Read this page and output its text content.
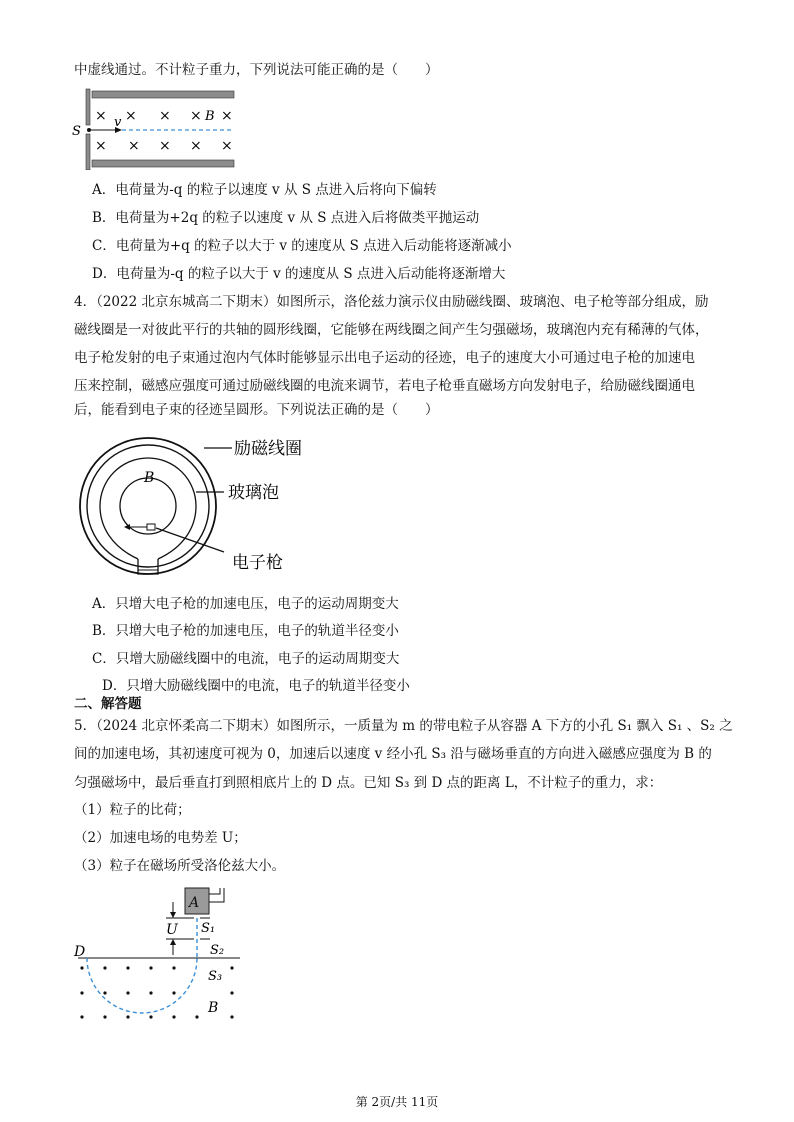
中虚线通过。不计粒子重力，下列说法可能正确的是（　　）
S
v	B
× × × × ×
× × × × ×
A．电荷量为-q 的粒子以速度 v 从 S 点进入后将向下偏转
B．电荷量为+2q 的粒子以速度 v 从 S 点进入后将做类平抛运动
C．电荷量为+q 的粒子以大于 v 的速度从 S 点进入后动能将逐渐减小
D．电荷量为-q 的粒子以大于 v 的速度从 S 点进入后动能将逐渐增大
4．（2022 北京东城高二下期末）如图所示，洛伦兹力演示仪由励磁线圈、玻璃泡、电子枪等部分组成，励
磁线圈是一对彼此平行的共轴的圆形线圈，它能够在两线圈之间产生匀强磁场，玻璃泡内充有稀薄的气体，
电子枪发射的电子束通过泡内气体时能够显示出电子运动的径迹，电子的速度大小可通过电子枪的加速电
压来控制，磁感应强度可通过励磁线圈的电流来调节，若电子枪垂直磁场方向发射电子，给励磁线圈通电
后，能看到电子束的径迹呈圆形。下列说法正确的是（　　）
B
励磁线圈
玻璃泡
电子枪
A．只增大电子枪的加速电压，电子的运动周期变大
B．只增大电子枪的加速电压，电子的轨道半径变小
C．只增大励磁线圈中的电流，电子的运动周期变大
D．只增大励磁线圈中的电流，电子的轨道半径变小
二、解答题
5．（2024 北京怀柔高二下期末）如图所示，一质量为 m 的带电粒子从容器 A 下方的小孔 S₁ 飘入 S₁ 、S₂ 之
间的加速电场，其初速度可视为 0，加速后以速度 v 经小孔 S₃ 沿与磁场垂直的方向进入磁感应强度为 B 的
匀强磁场中，最后垂直打到照相底片上的 D 点。已知 S₃ 到 D 点的距离 L，不计粒子的重力，求：
（1）粒子的比荷；
（2）加速电场的电势差 U；
（3）粒子在磁场所受洛伦兹大小。
A
U S₁
S₂
S₃
D
B
第 2页/共 11页
